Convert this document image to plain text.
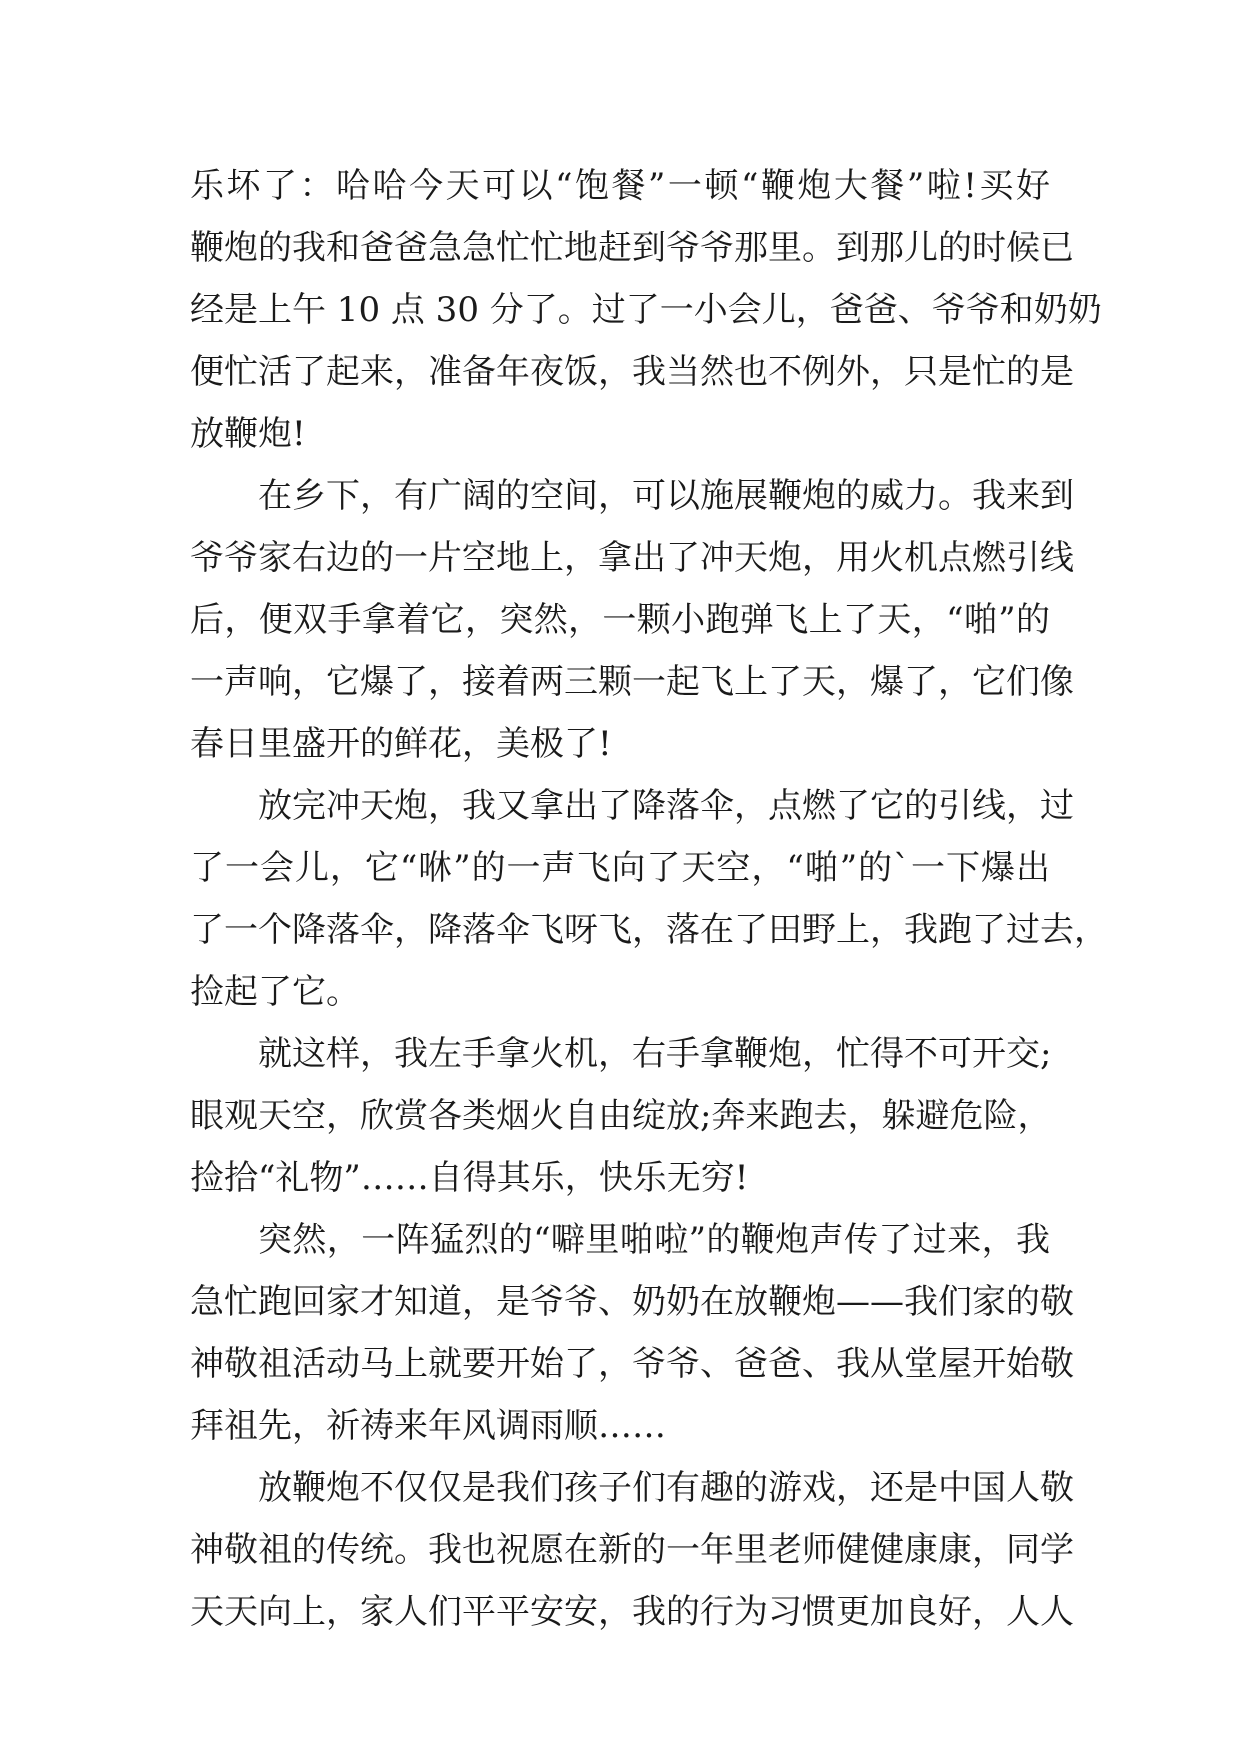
乐坏了：哈哈今天可以“饱餐”一顿“鞭炮大餐”啦!买好
鞭炮的我和爸爸急急忙忙地赶到爷爷那里。到那儿的时候已
经是上午 10 点 30 分了。过了一小会儿，爸爸、爷爷和奶奶
便忙活了起来，准备年夜饭，我当然也不例外，只是忙的是
放鞭炮!
在乡下，有广阔的空间，可以施展鞭炮的威力。我来到
爷爷家右边的一片空地上，拿出了冲天炮，用火机点燃引线
后，便双手拿着它，突然，一颗小跑弹飞上了天，“啪”的
一声响，它爆了，接着两三颗一起飞上了天，爆了，它们像
春日里盛开的鲜花，美极了!
放完冲天炮，我又拿出了降落伞，点燃了它的引线，过
了一会儿，它“咻”的一声飞向了天空，“啪”的`一下爆出
了一个降落伞，降落伞飞呀飞，落在了田野上，我跑了过去，
捡起了它。
就这样，我左手拿火机，右手拿鞭炮，忙得不可开交;
眼观天空，欣赏各类烟火自由绽放;奔来跑去，躲避危险，
捡拾“礼物”……自得其乐，快乐无穷!
突然，一阵猛烈的“噼里啪啦”的鞭炮声传了过来，我
急忙跑回家才知道，是爷爷、奶奶在放鞭炮——我们家的敬
神敬祖活动马上就要开始了，爷爷、爸爸、我从堂屋开始敬
拜祖先，祈祷来年风调雨顺……
放鞭炮不仅仅是我们孩子们有趣的游戏，还是中国人敬
神敬祖的传统。我也祝愿在新的一年里老师健健康康，同学
天天向上，家人们平平安安，我的行为习惯更加良好，人人
